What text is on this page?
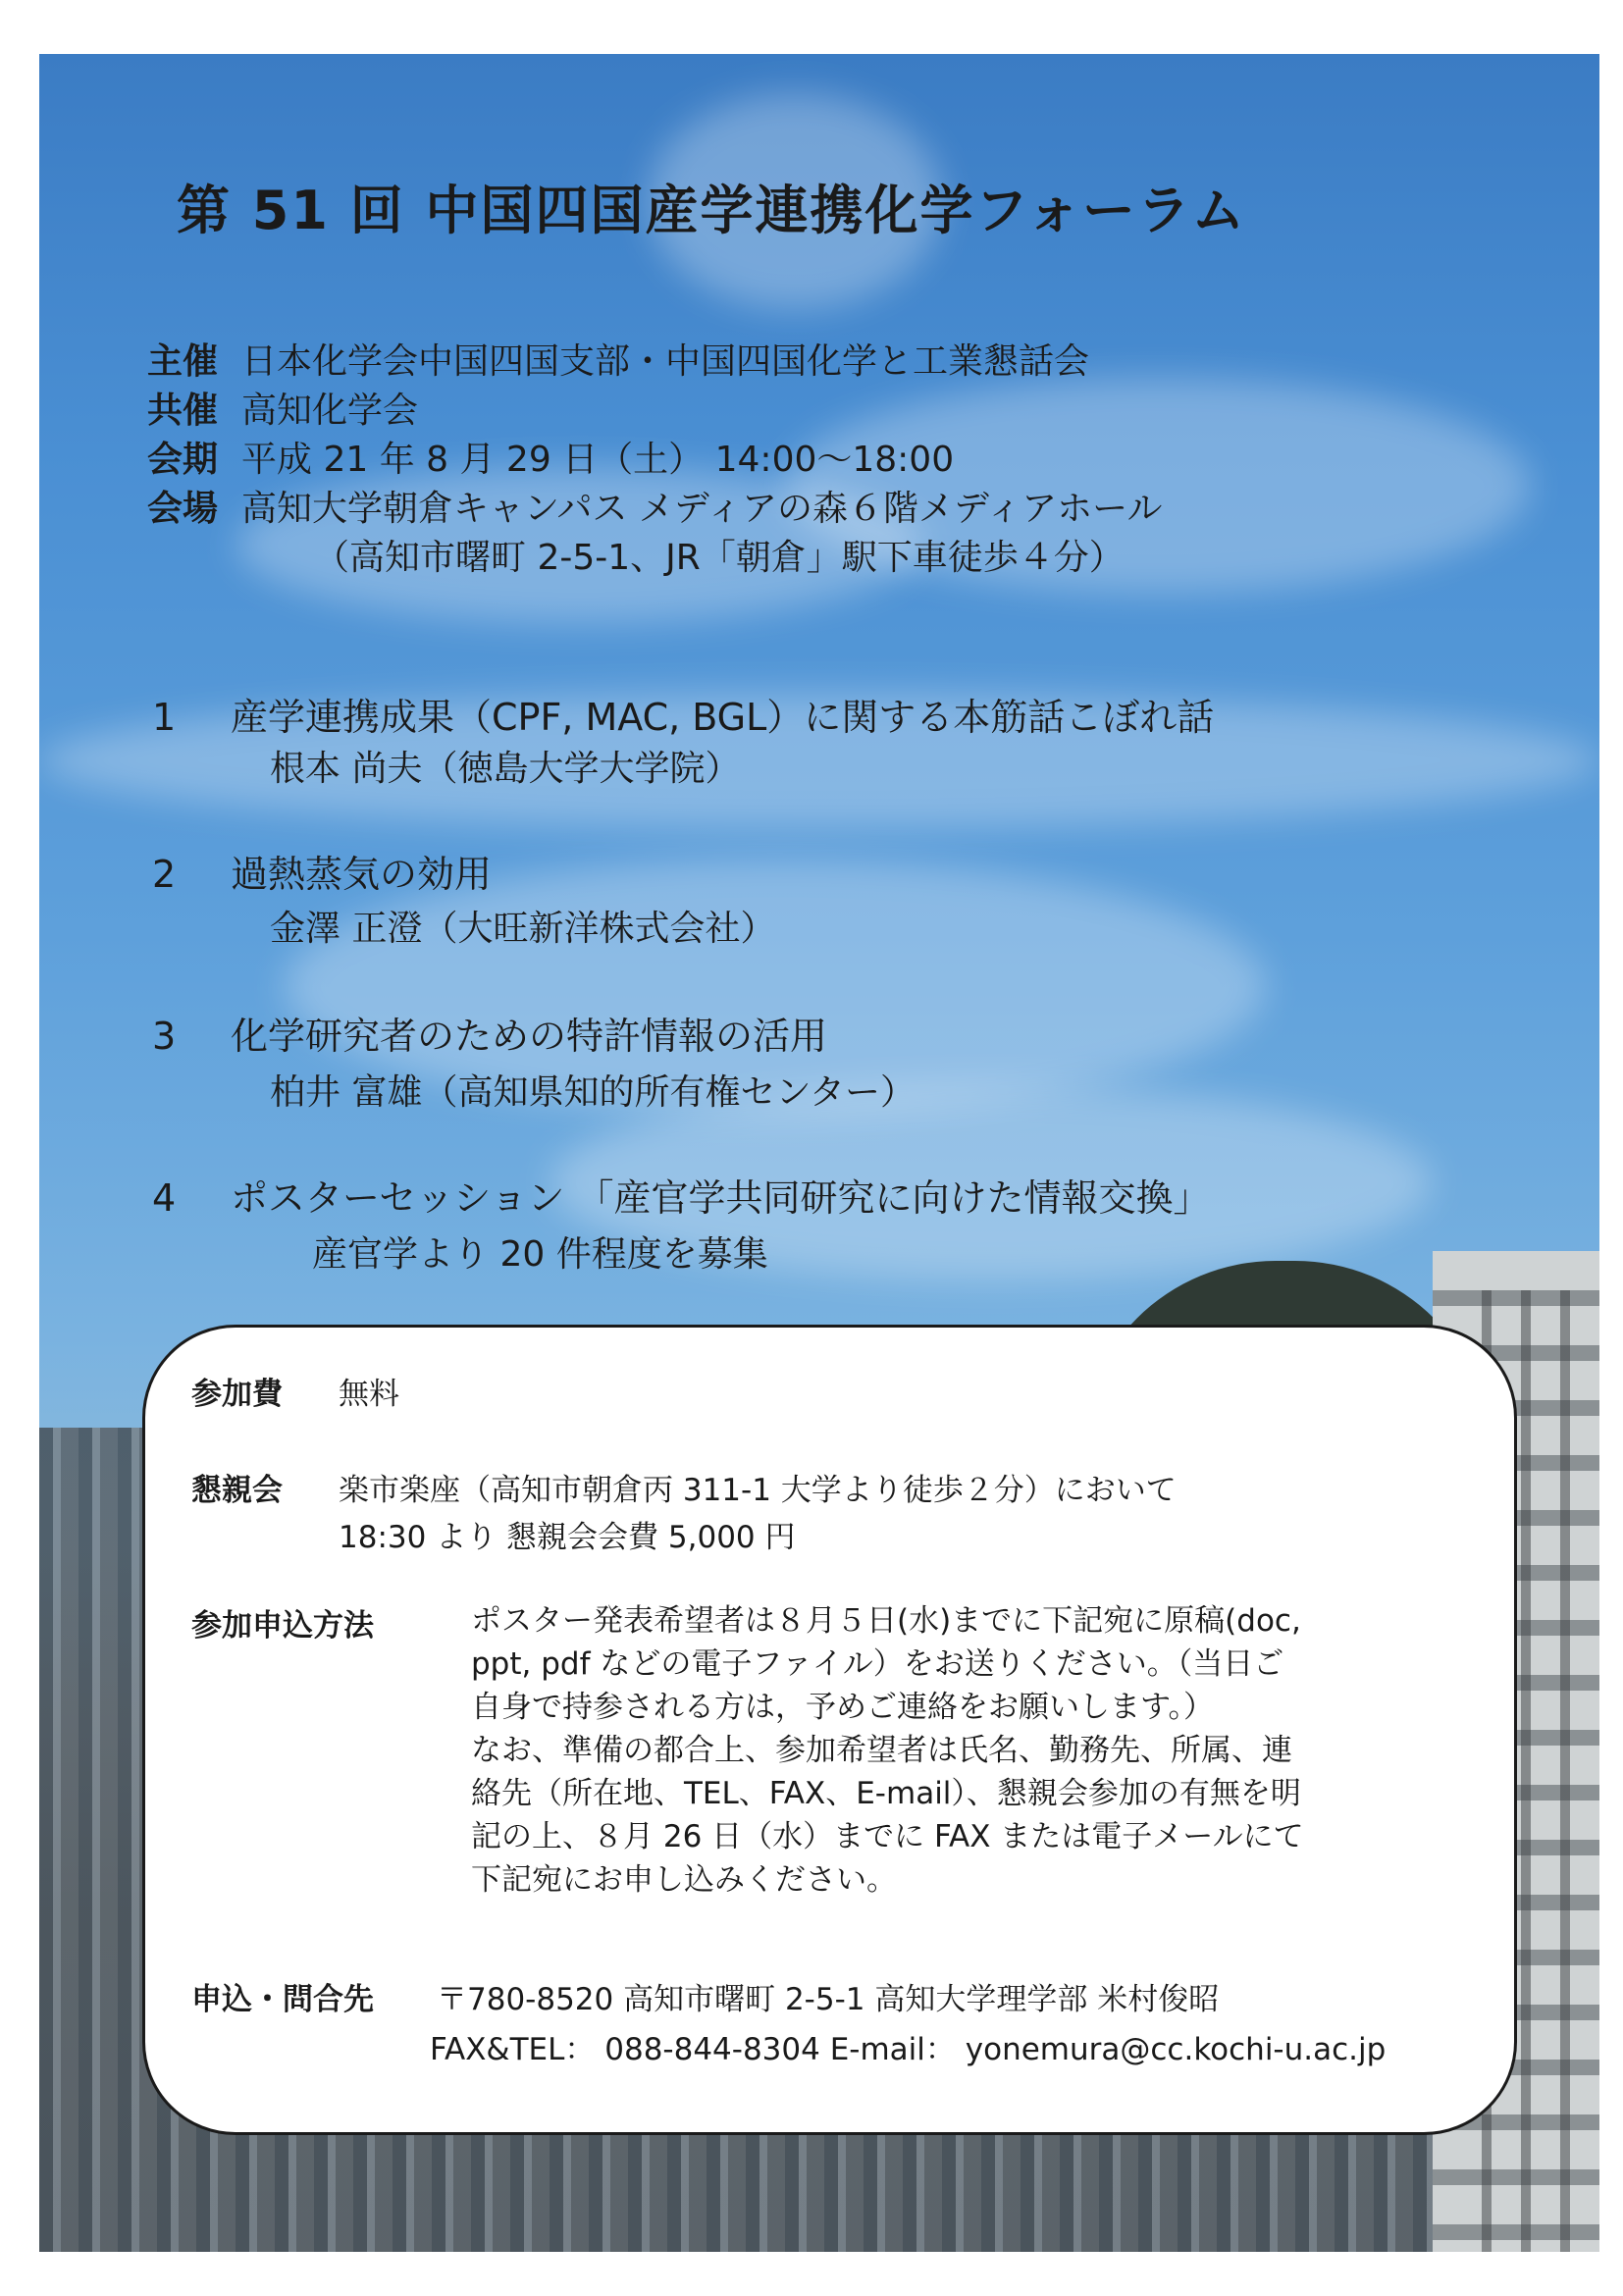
第 51 回 中国四国産学連携化学フォーラム
主催 日本化学会中国四国支部・中国四国化学と工業懇話会
共催 高知化学会
会期 平成 21 年 8 月 29 日（土） 14:00～18:00
会場 高知大学朝倉キャンパス メディアの森６階メディアホール
（高知市曙町 2-5-1、JR「朝倉」駅下車徒歩４分）
1 産学連携成果（CPF, MAC, BGL）に関する本筋話こぼれ話
根本 尚夫（徳島大学大学院）
2 過熱蒸気の効用
金澤 正澄（大旺新洋株式会社）
3 化学研究者のための特許情報の活用
柏井 富雄（高知県知的所有権センター）
4 ポスターセッション 「産官学共同研究に向けた情報交換」
産官学より 20 件程度を募集
参加費 無料
懇親会 楽市楽座（高知市朝倉丙 311-1 大学より徒歩２分）において
18:30 より 懇親会会費 5,000 円
参加申込方法	ポスター発表希望者は８月５日(水)までに下記宛に原稿(doc,
ppt, pdf などの電子ファイル）をお送りください。（当日ご
自身で持参される方は，予めご連絡をお願いします。）
なお、準備の都合上、参加希望者は氏名、勤務先、所属、連
絡先（所在地、TEL、FAX、E-mail）、懇親会参加の有無を明
記の上、８月 26 日（水）までに FAX または電子メールにて
下記宛にお申し込みください。
申込・問合先 〒780-8520 高知市曙町 2-5-1 高知大学理学部 米村俊昭
FAX&TEL： 088-844-8304 E-mail： yonemura@cc.kochi-u.ac.jp
